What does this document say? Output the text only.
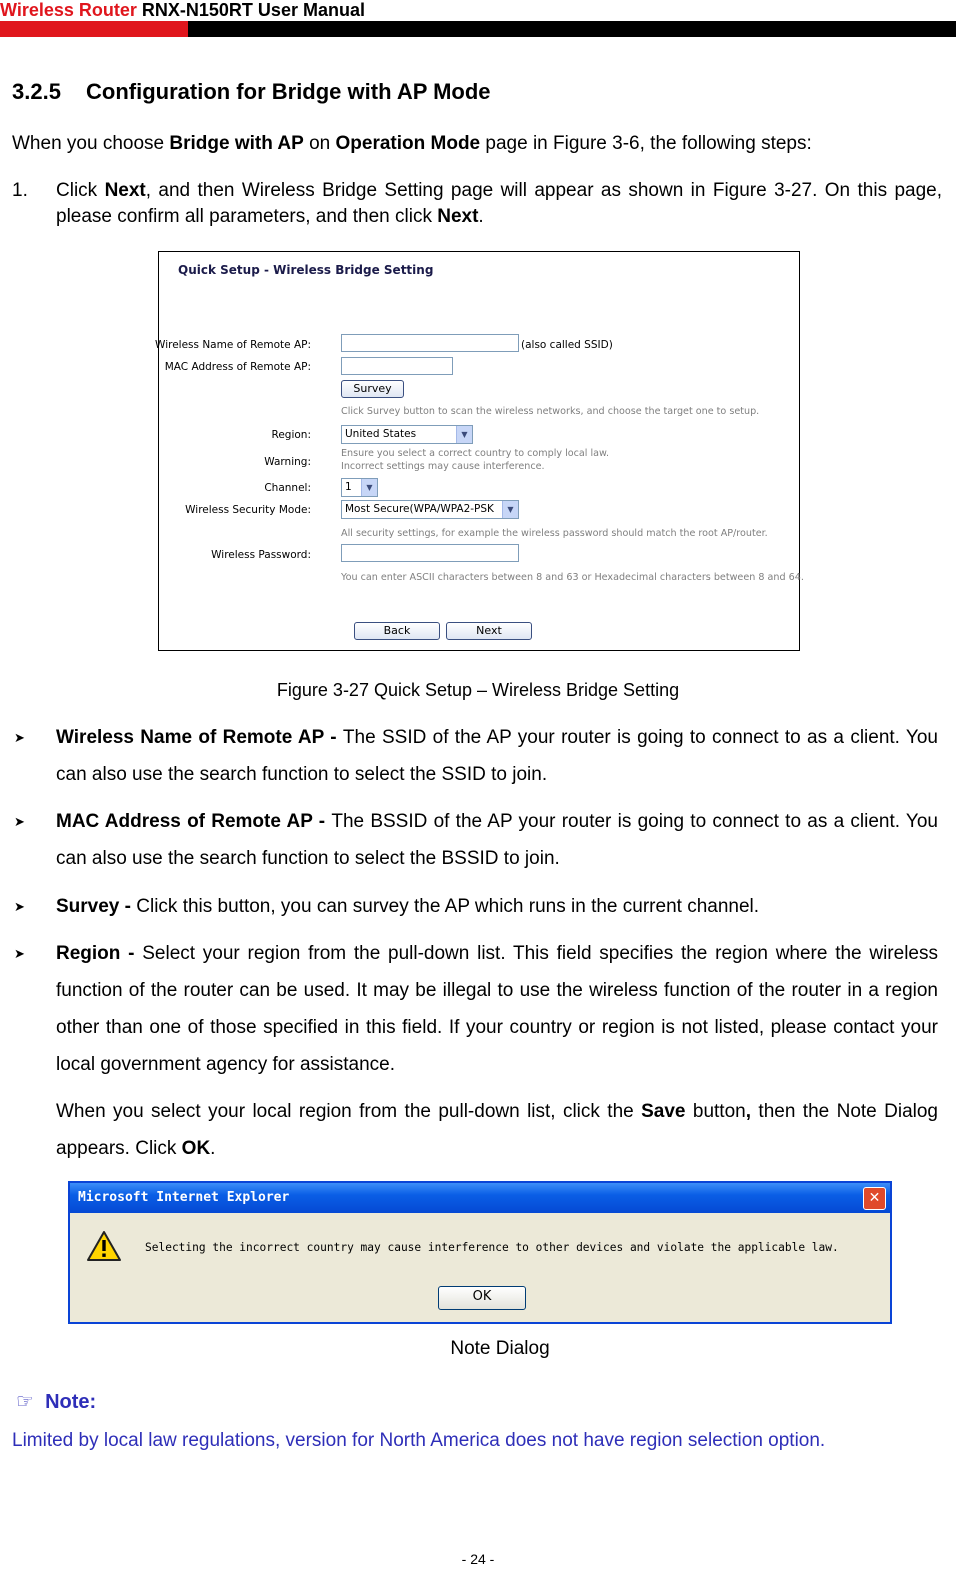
Wireless Router RNX-N150RT User Manual
3.2.5 Configuration for Bridge with AP Mode
When you choose Bridge with AP on Operation Mode page in Figure 3-6, the following steps:
1. Click Next, and then Wireless Bridge Setting page will appear as shown in Figure 3-27. On this page, please confirm all parameters, and then click Next.
Quick Setup - Wireless Bridge Setting
Wireless Name of Remote AP:	(also called SSID)
MAC Address of Remote AP:
Survey
Click Survey button to scan the wireless networks, and choose the target one to setup.
Region:	United States	▼
Warning:
Ensure you select a correct country to comply local law.
Incorrect settings may cause interference.
Channel:	1	▼
Wireless Security Mode:	Most Secure(WPA/WPA2-PSK	▼
All security settings, for example the wireless password should match the root AP/router.
Wireless Password:
You can enter ASCII characters between 8 and 63 or Hexadecimal characters between 8 and 64.
Back	Next
Figure 3-27 Quick Setup – Wireless Bridge Setting
➤ Wireless Name of Remote AP - The SSID of the AP your router is going to connect to as a client. You can also use the search function to select the SSID to join.
➤ MAC Address of Remote AP - The BSSID of the AP your router is going to connect to as a client. You can also use the search function to select the BSSID to join.
➤ Survey - Click this button, you can survey the AP which runs in the current channel.
➤ Region - Select your region from the pull-down list. This field specifies the region where the wireless function of the router can be used. It may be illegal to use the wireless function of the router in a region other than one of those specified in this field. If your country or region is not listed, please contact your local government agency for assistance.
When you select your local region from the pull-down list, click the Save button, then the Note Dialog appears. Click OK.
Microsoft Internet Explorer	✕
Selecting the incorrect country may cause interference to other devices and violate the applicable law.
OK
Note Dialog
☞ Note:
Limited by local law regulations, version for North America does not have region selection option.
- 24 -
